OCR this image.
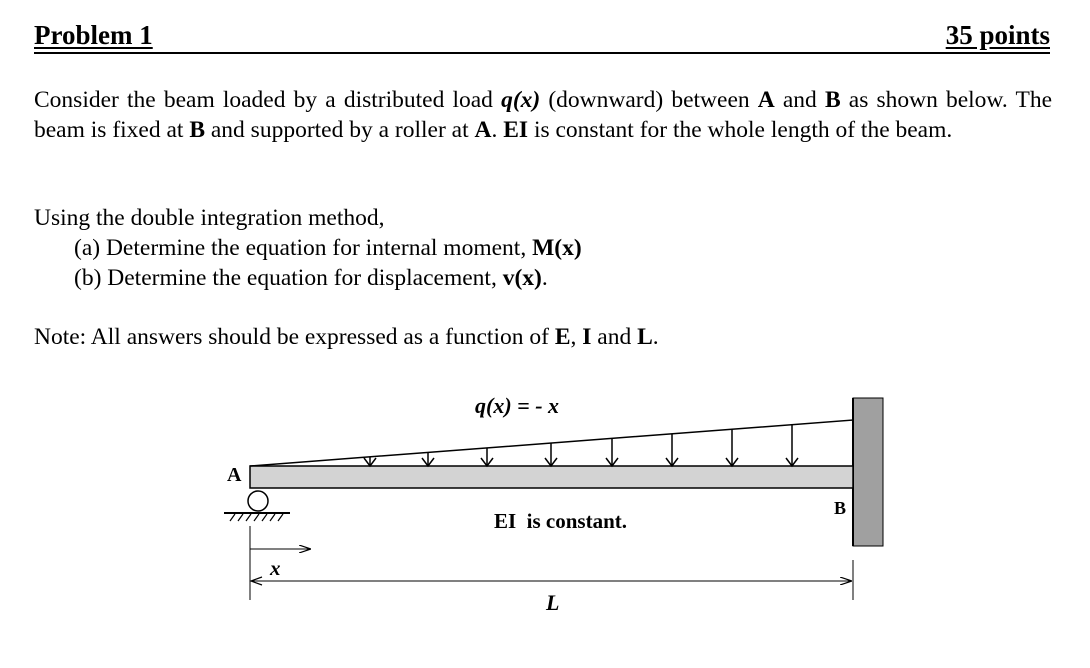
Problem 1	35 points
Consider the beam loaded by a distributed load q(x) (downward) between A and B as shown below. The beam is fixed at B and supported by a roller at A. EI is constant for the whole length of the beam.
Using the double integration method,
(a) Determine the equation for internal moment, M(x)
(b) Determine the equation for displacement, v(x).
Note: All answers should be expressed as a function of E, I and L.
q(x) = - x
A
B
EI  is constant.
x
L
